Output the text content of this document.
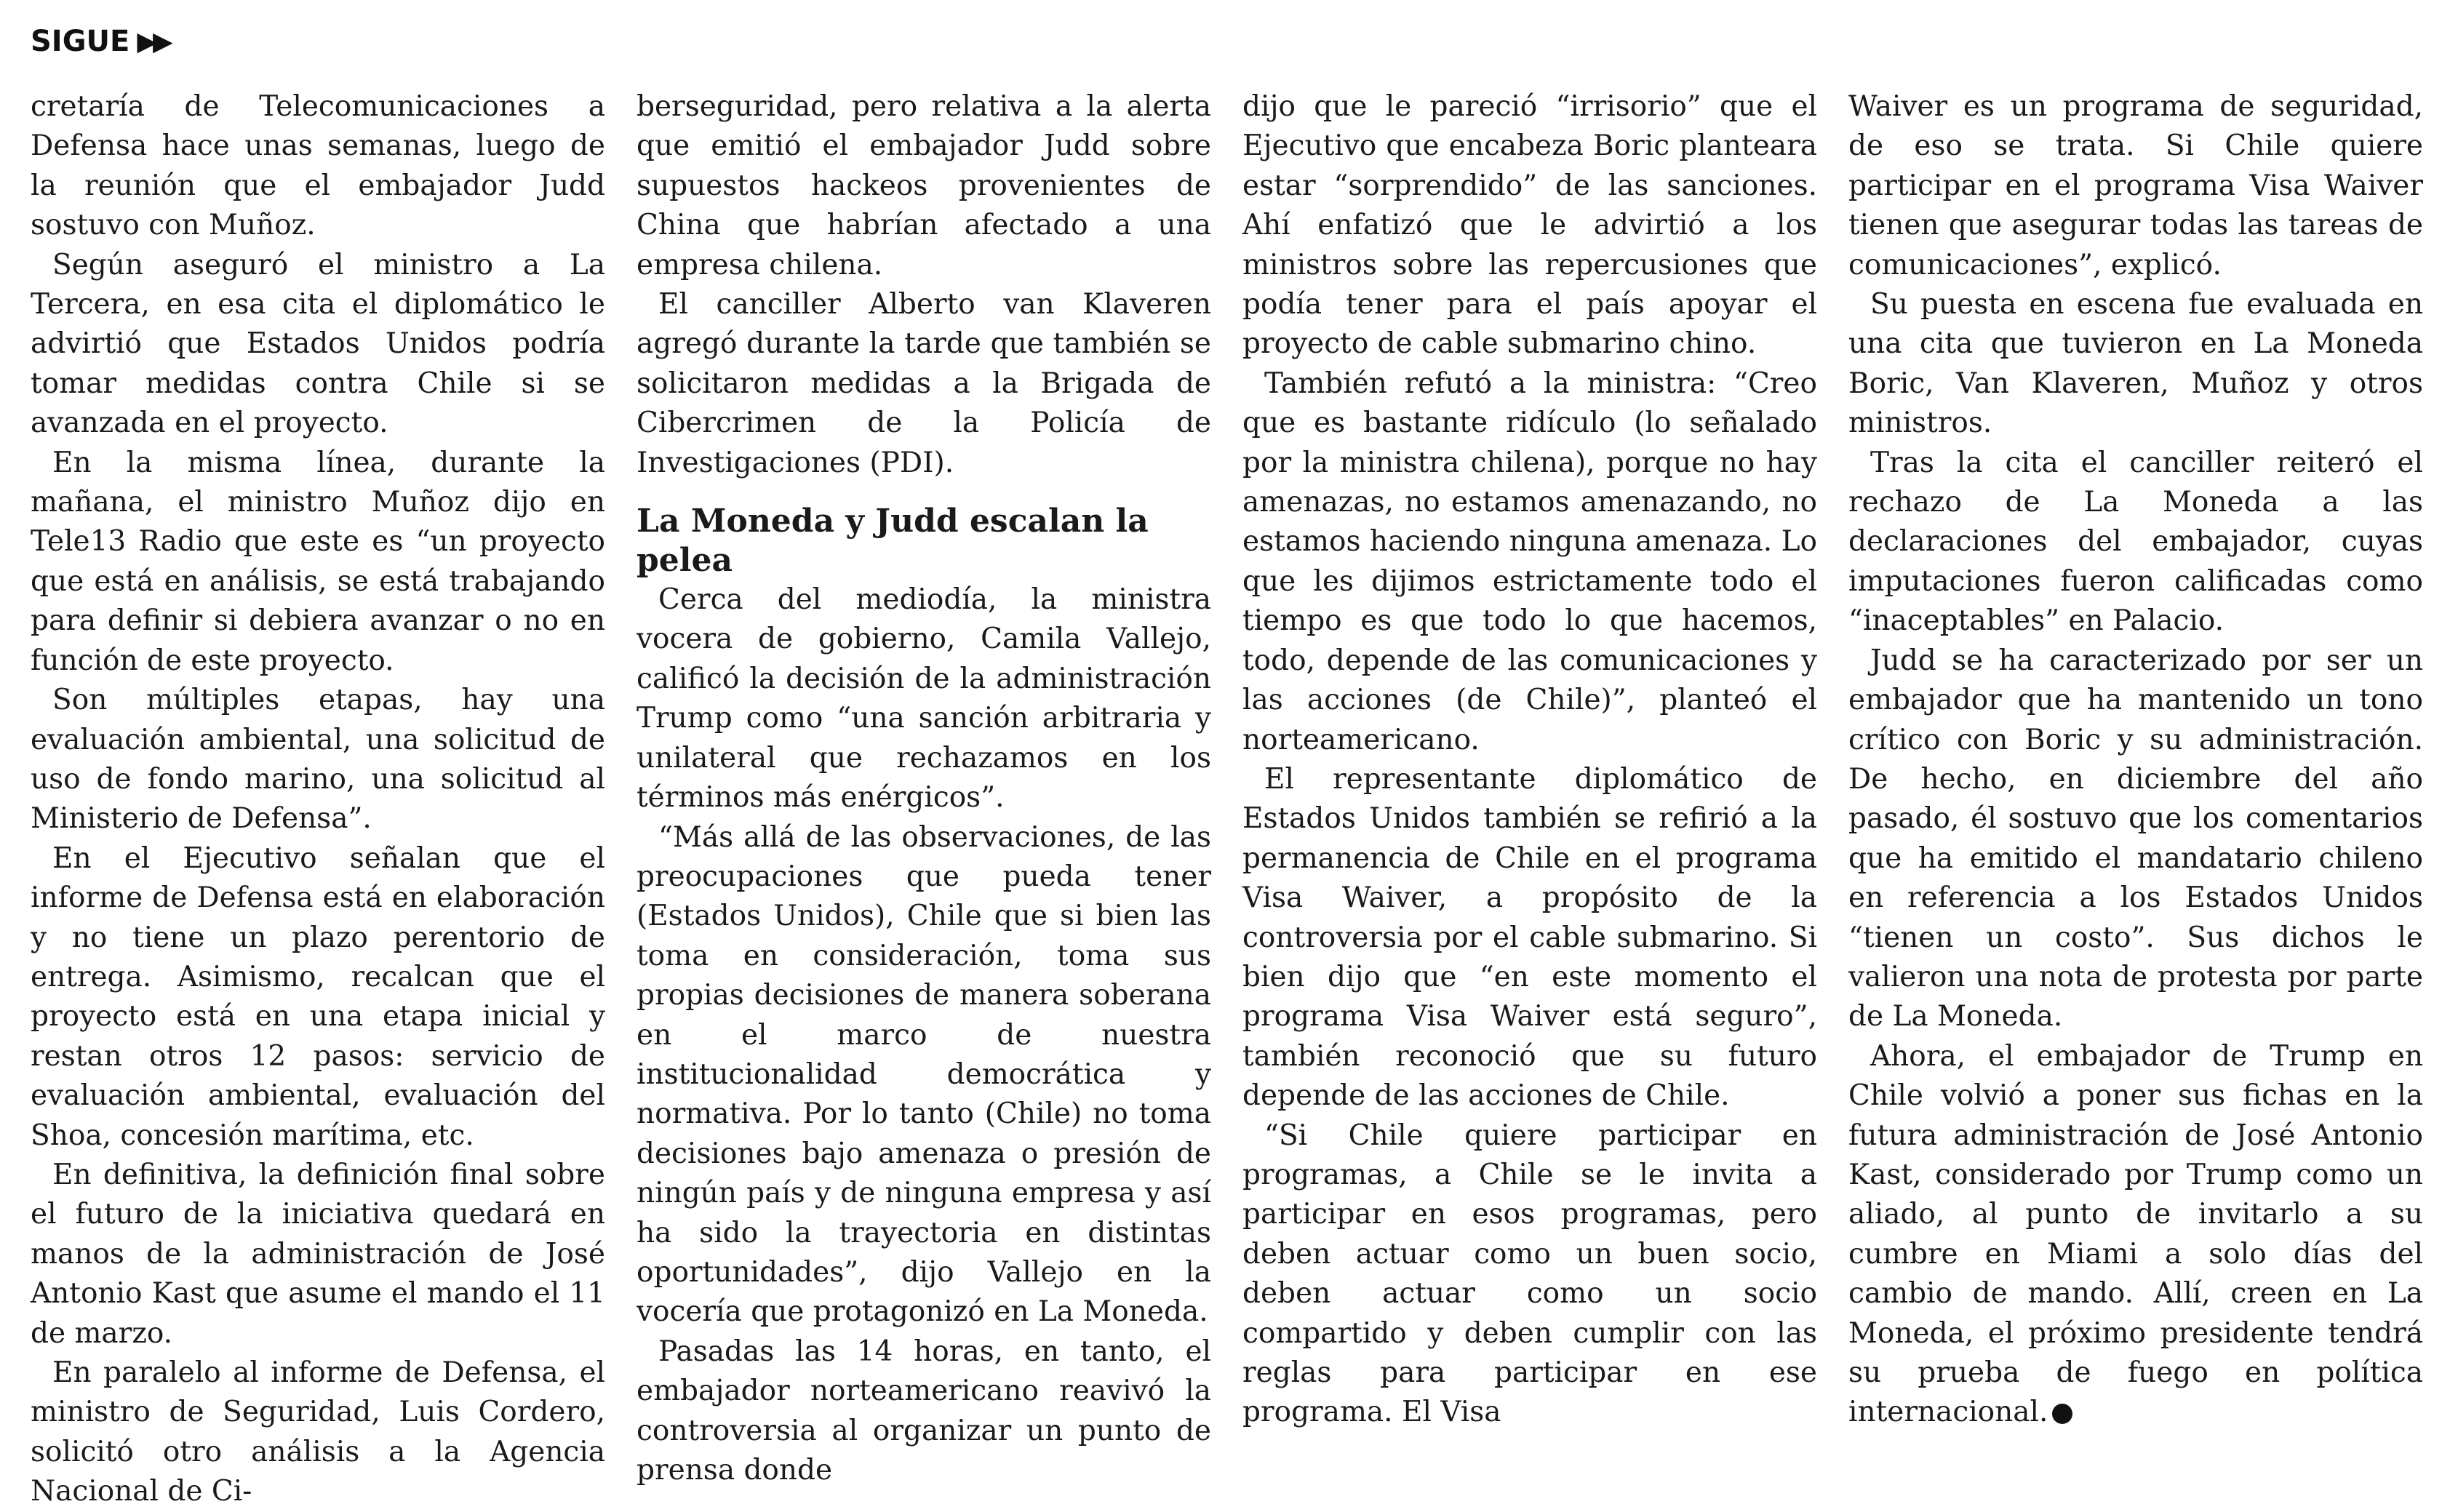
SIGUE ▶▶

cretaría de Telecomunicaciones a Defensa hace unas semanas, luego de la reunión que el embajador Judd sostuvo con Muñoz.

Según aseguró el ministro a La Tercera, en esa cita el diplomático le advirtió que Estados Unidos podría tomar medidas contra Chile si se avanzada en el proyecto.

En la misma línea, durante la mañana, el ministro Muñoz dijo en Tele13 Radio que este es “un proyecto que está en análisis, se está trabajando para definir si debiera avanzar o no en función de este proyecto.

Son múltiples etapas, hay una evaluación ambiental, una solicitud de uso de fondo marino, una solicitud al Ministerio de Defensa”.

En el Ejecutivo señalan que el informe de Defensa está en elaboración y no tiene un plazo perentorio de entrega. Asimismo, recalcan que el proyecto está en una etapa inicial y restan otros 12 pasos: servicio de evaluación ambiental, evaluación del Shoa, concesión marítima, etc.

En definitiva, la definición final sobre el futuro de la iniciativa quedará en manos de la administración de José Antonio Kast que asume el mando el 11 de marzo.

En paralelo al informe de Defensa, el ministro de Seguridad, Luis Cordero, solicitó otro análisis a la Agencia Nacional de Ci-

berseguridad, pero relativa a la alerta que emitió el embajador Judd sobre supuestos hackeos provenientes de China que habrían afectado a una empresa chilena.

El canciller Alberto van Klaveren agregó durante la tarde que también se solicitaron medidas a la Brigada de Cibercrimen de la Policía de Investigaciones (PDI).

La Moneda y Judd escalan la pelea

Cerca del mediodía, la ministra vocera de gobierno, Camila Vallejo, calificó la decisión de la administración Trump como “una sanción arbitraria y unilateral que rechazamos en los términos más enérgicos”.

“Más allá de las observaciones, de las preocupaciones que pueda tener (Estados Unidos), Chile que si bien las toma en consideración, toma sus propias decisiones de manera soberana en el marco de nuestra institucionalidad democrática y normativa. Por lo tanto (Chile) no toma decisiones bajo amenaza o presión de ningún país y de ninguna empresa y así ha sido la trayectoria en distintas oportunidades”, dijo Vallejo en la vocería que protagonizó en La Moneda.

Pasadas las 14 horas, en tanto, el embajador norteamericano reavivó la controversia al organizar un punto de prensa donde

dijo que le pareció “irrisorio” que el Ejecutivo que encabeza Boric planteara estar “sorprendido” de las sanciones. Ahí enfatizó que le advirtió a los ministros sobre las repercusiones que podía tener para el país apoyar el proyecto de cable submarino chino.

También refutó a la ministra: “Creo que es bastante ridículo (lo señalado por la ministra chilena), porque no hay amenazas, no estamos amenazando, no estamos haciendo ninguna amenaza. Lo que les dijimos estrictamente todo el tiempo es que todo lo que hacemos, todo, depende de las comunicaciones y las acciones (de Chile)”, planteó el norteamericano.

El representante diplomático de Estados Unidos también se refirió a la permanencia de Chile en el programa Visa Waiver, a propósito de la controversia por el cable submarino. Si bien dijo que “en este momento el programa Visa Waiver está seguro”, también reconoció que su futuro depende de las acciones de Chile.

“Si Chile quiere participar en programas, a Chile se le invita a participar en esos programas, pero deben actuar como un buen socio, deben actuar como un socio compartido y deben cumplir con las reglas para participar en ese programa. El Visa

Waiver es un programa de seguridad, de eso se trata. Si Chile quiere participar en el programa Visa Waiver tienen que asegurar todas las tareas de comunicaciones”, explicó.

Su puesta en escena fue evaluada en una cita que tuvieron en La Moneda Boric, Van Klaveren, Muñoz y otros ministros.

Tras la cita el canciller reiteró el rechazo de La Moneda a las declaraciones del embajador, cuyas imputaciones fueron calificadas como “inaceptables” en Palacio.

Judd se ha caracterizado por ser un embajador que ha mantenido un tono crítico con Boric y su administración. De hecho, en diciembre del año pasado, él sostuvo que los comentarios que ha emitido el mandatario chileno en referencia a los Estados Unidos “tienen un costo”. Sus dichos le valieron una nota de protesta por parte de La Moneda.

Ahora, el embajador de Trump en Chile volvió a poner sus fichas en la futura administración de José Antonio Kast, considerado por Trump como un aliado, al punto de invitarlo a su cumbre en Miami a solo días del cambio de mando. Allí, creen en La Moneda, el próximo presidente tendrá su prueba de fuego en política internacional.
